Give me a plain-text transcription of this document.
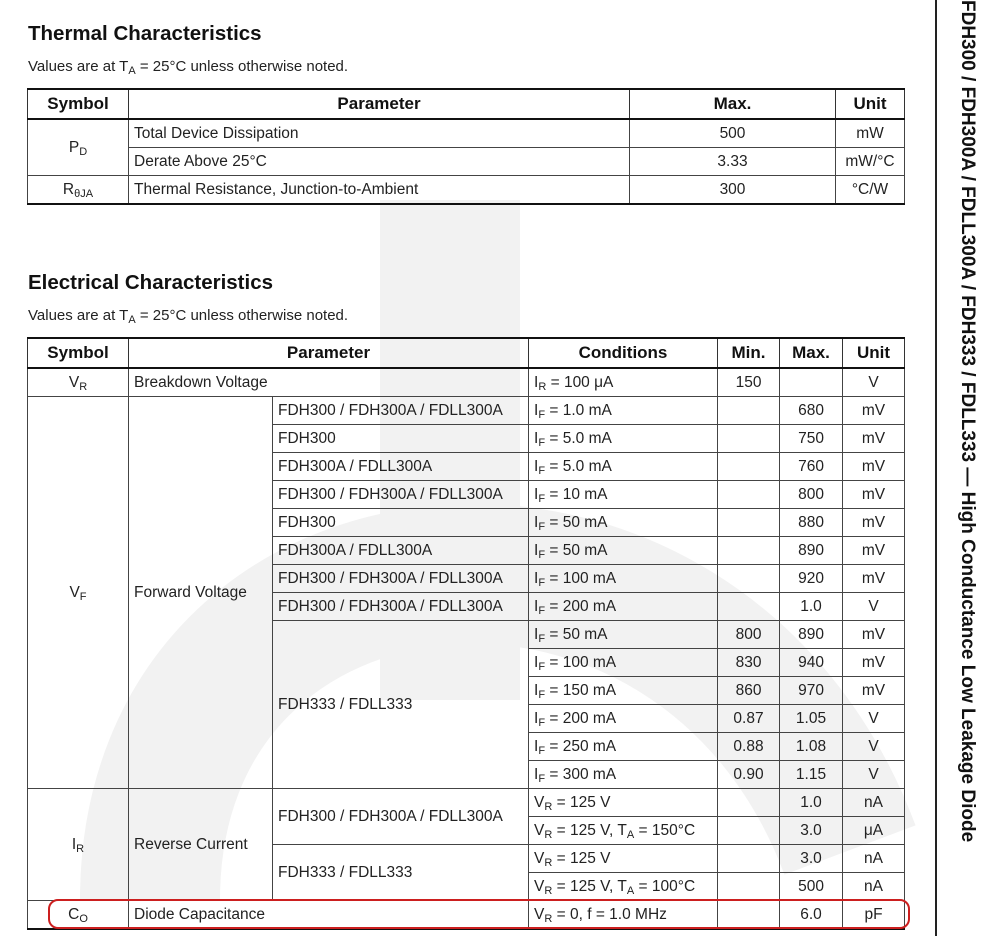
Thermal Characteristics

Values are at $T_A = 25^\circ C$ unless otherwise noted.

Symbol	Parameter	Max.	Unit
$P_D$	Total Device Dissipation	500	mW
	Derate Above 25°C	3.33	mW/°C
$R_{\theta JA}$	Thermal Resistance, Junction-to-Ambient	300	°C/W
Electrical Characteristics

Values are at $T_A = 25^\circ C$ unless otherwise noted.

Symbol	Parameter		Conditions	Min.	Max.	Unit
$V_R$	Breakdown Voltage		$I_R = 100$ μA	150		V
$V_F$	Forward Voltage	FDH300 / FDH300A / FDLL300A	$I_F = 1.0$ mA		680	mV
		FDH300	$I_F = 5.0$ mA		750	mV
		FDH300A / FDLL300A	$I_F = 5.0$ mA		760	mV
		FDH300 / FDH300A / FDLL300A	$I_F = 10$ mA		800	mV
		FDH300	$I_F = 50$ mA		880	mV
		FDH300A / FDLL300A	$I_F = 50$ mA		890	mV
		FDH300 / FDH300A / FDLL300A	$I_F = 100$ mA		920	mV
		FDH300 / FDH300A / FDLL300A	$I_F = 200$ mA		1.0	V
		FDH333 / FDLL333	$I_F = 50$ mA	800	890	mV
			$I_F = 100$ mA	830	940	mV
			$I_F = 150$ mA	860	970	mV
			$I_F = 200$ mA	0.87	1.05	V
			$I_F = 250$ mA	0.88	1.08	V
			$I_F = 300$ mA	0.90	1.15	V
$I_R$	Reverse Current	FDH300 / FDH300A / FDLL300A	$V_R = 125$ V		1.0	nA
			$V_R = 125$ V, $T_A = 150^\circ C$		3.0	μA
		FDH333 / FDLL333	$V_R = 125$ V		3.0	nA
			$V_R = 125$ V, $T_A = 100^\circ C$		500	nA
$C_O$	Diode Capacitance		$V_R = 0$, f = 1.0 MHz		6.0	pF
FDH300 / FDH300A / FDLL300A / FDH333 / FDLL333 — High Conductance Low Leakage Diode
